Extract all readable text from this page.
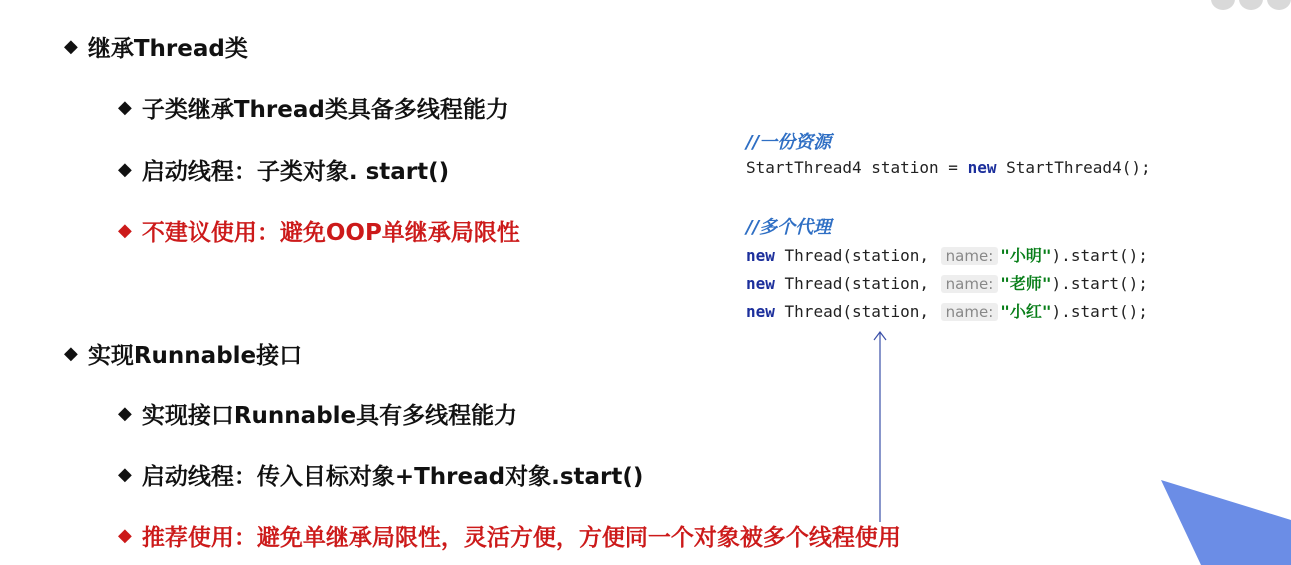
◆ 继承Thread类
◆ 子类继承Thread类具备多线程能力
◆ 启动线程：子类对象. start()
◆ 不建议使用：避免OOP单继承局限性
◆ 实现Runnable接口
◆ 实现接口Runnable具有多线程能力
◆ 启动线程：传入目标对象+Thread对象.start()
◆ 推荐使用：避免单继承局限性，灵活方便，方便同一个对象被多个线程使用
//一份资源
StartThread4 station = new StartThread4();
//多个代理
new Thread(station, name: "小明").start();
new Thread(station, name: "老师").start();
new Thread(station, name: "小红").start();
